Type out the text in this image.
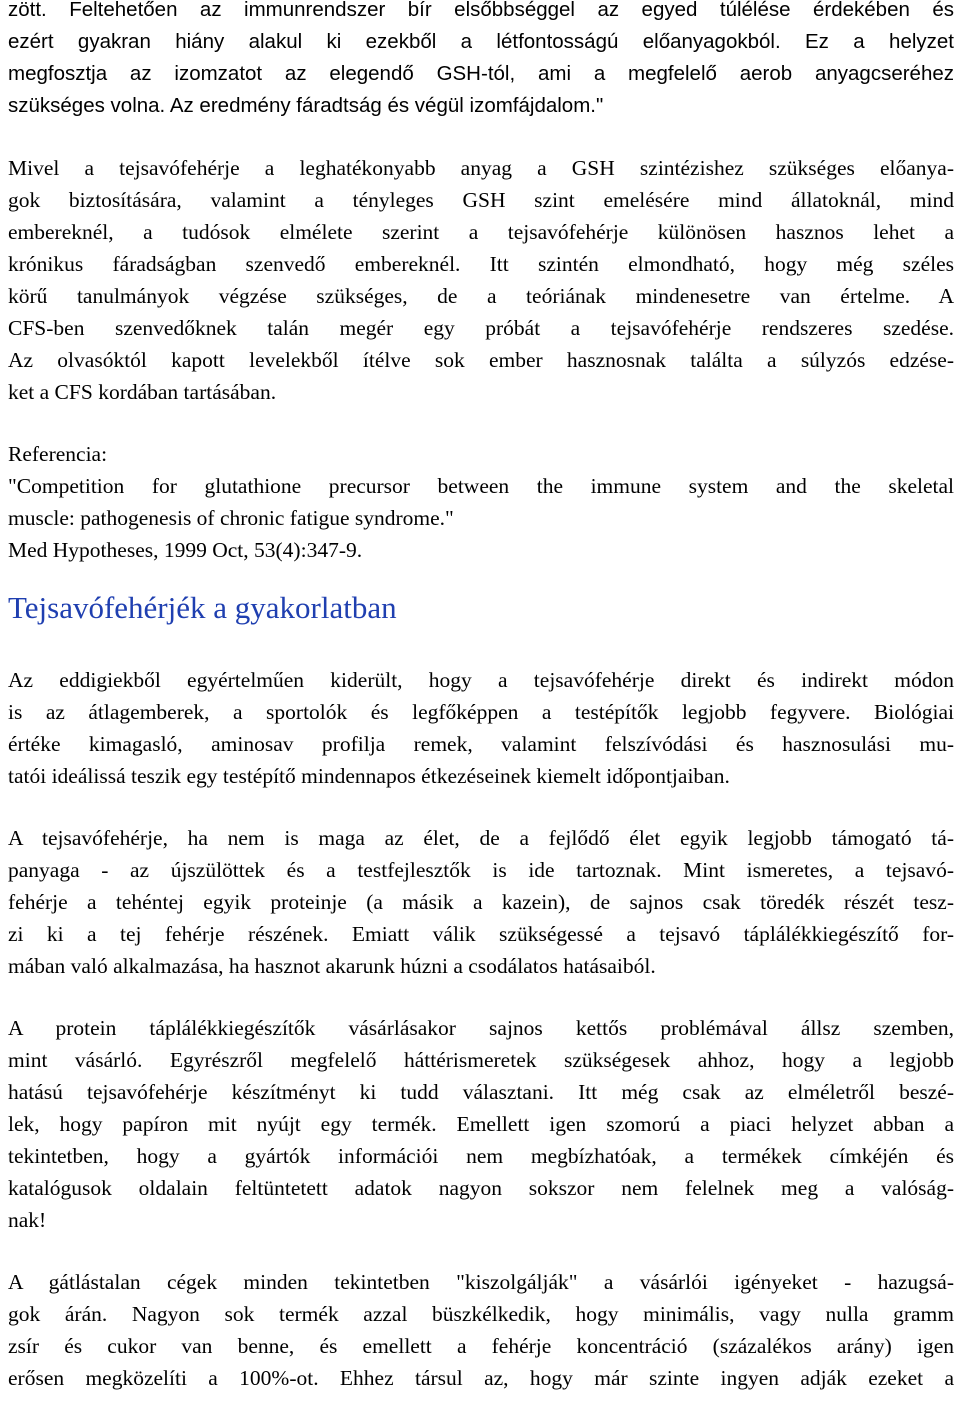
zött. Feltehetően az immunrendszer bír elsőbbséggel az egyed túlélése érdekében és
ezért gyakran hiány alakul ki ezekből a létfontosságú előanyagokból. Ez a helyzet
megfosztja az izomzatot az elegendő GSH-tól, ami a megfelelő aerob anyagcseréhez
szükséges volna. Az eredmény fáradtság és végül izomfájdalom."
Mivel a tejsavófehérje a leghatékonyabb anyag a GSH szintézishez szükséges előanya-
gok biztosítására, valamint a tényleges GSH szint emelésére mind állatoknál, mind
embereknél, a tudósok elmélete szerint a tejsavófehérje különösen hasznos lehet a
krónikus fáradságban szenvedő embereknél. Itt szintén elmondható, hogy még széles
körű tanulmányok végzése szükséges, de a teóriának mindenesetre van értelme. A
CFS-ben szenvedőknek talán megér egy próbát a tejsavófehérje rendszeres szedése.
Az olvasóktól kapott levelekből ítélve sok ember hasznosnak találta a súlyzós edzése-
ket a CFS kordában tartásában.
Referencia:
"Competition for glutathione precursor between the immune system and the skeletal
muscle: pathogenesis of chronic fatigue syndrome."
Med Hypotheses, 1999 Oct, 53(4):347-9.
Tejsavófehérjék a gyakorlatban
Az eddigiekből egyértelműen kiderült, hogy a tejsavófehérje direkt és indirekt módon
is az átlagemberek, a sportolók és legfőképpen a testépítők legjobb fegyvere. Biológiai
értéke kimagasló, aminosav profilja remek, valamint felszívódási és hasznosulási mu-
tatói ideálissá teszik egy testépítő mindennapos étkezéseinek kiemelt időpontjaiban.
A tejsavófehérje, ha nem is maga az élet, de a fejlődő élet egyik legjobb támogató tá-
panyaga - az újszülöttek és a testfejlesztők is ide tartoznak. Mint ismeretes, a tejsavó-
fehérje a tehéntej egyik proteinje (a másik a kazein), de sajnos csak töredék részét tesz-
zi ki a tej fehérje részének. Emiatt válik szükségessé a tejsavó táplálékkiegészítő for-
mában való alkalmazása, ha hasznot akarunk húzni a csodálatos hatásaiból.
A protein táplálékkiegészítők vásárlásakor sajnos kettős problémával állsz szemben,
mint vásárló. Egyrészről megfelelő háttérismeretek szükségesek ahhoz, hogy a legjobb
hatású tejsavófehérje készítményt ki tudd választani. Itt még csak az elméletről beszé-
lek, hogy papíron mit nyújt egy termék. Emellett igen szomorú a piaci helyzet abban a
tekintetben, hogy a gyártók információi nem megbízhatóak, a termékek címkéjén és
katalógusok oldalain feltüntetett adatok nagyon sokszor nem felelnek meg a valóság-
nak!
A gátlástalan cégek minden tekintetben "kiszolgálják" a vásárlói igényeket - hazugsá-
gok árán. Nagyon sok termék azzal büszkélkedik, hogy minimális, vagy nulla gramm
zsír és cukor van benne, és emellett a fehérje koncentráció (százalékos arány) igen
erősen megközelíti a 100%-ot. Ehhez társul az, hogy már szinte ingyen adják ezeket a
